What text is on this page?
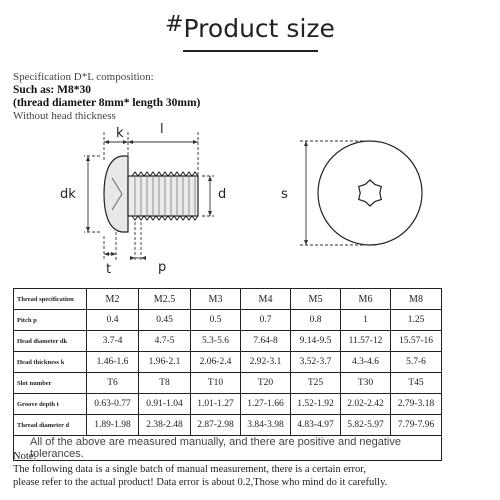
#Product size
Specification D*L composition:
Such as: M8*30
(thread diameter 8mm* length 30mm)
Without head thickness
k	l
dk	d
t	p
s
Thread specification	M2	M2.5	M3	M4	M5	M6	M8
Pitch p	0.4	0.45	0.5	0.7	0.8	1	1.25
Head diameter dk	3.7-4	4.7-5	5.3-5.6	7.64-8	9.14-9.5	11.57-12	15.57-16
Head thickness k	1.46-1.6	1.96-2.1	2.06-2.4	2.92-3.1	3.52-3.7	4.3-4.6	5.7-6
Slot number	T6	T8	T10	T20	T25	T30	T45
Groove depth t	0.63-0.77	0.91-1.04	1.01-1.27	1.27-1.66	1.52-1.92	2.02-2.42	2.79-3.18
Thread diameter d	1.89-1.98	2.38-2.48	2.87-2.98	3.84-3.98	4.83-4.97	5.82-5.97	7.79-7.96
All of the above are measured manually, and there are positive and negative tolerances.							
Note:
The following data is a single batch of manual measurement, there is a certain error,
please refer to the actual product! Data error is about 0.2,Those who mind do it carefully.
